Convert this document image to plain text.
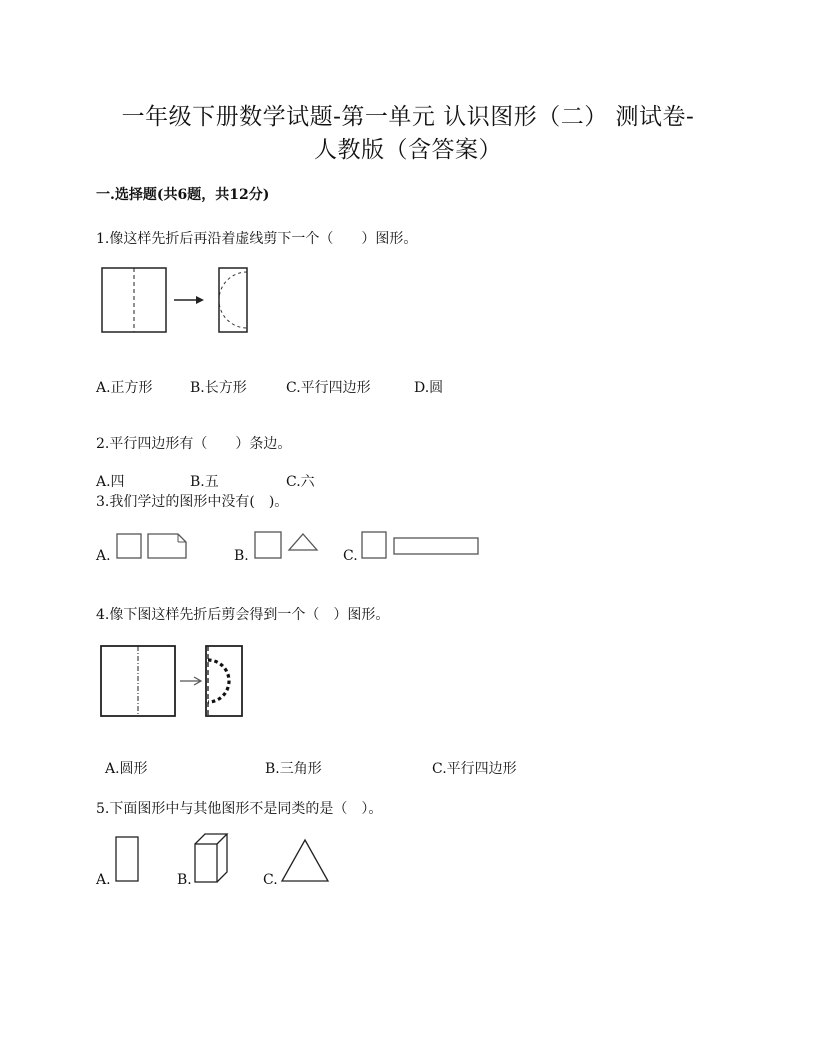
一年级下册数学试题-第一单元 认识图形（二） 测试卷-
人教版（含答案）
一.选择题(共6题，共12分)
1.像这样先折后再沿着虚线剪下一个（　　）图形。
A.正方形	B.长方形	C.平行四边形	D.圆
2.平行四边形有（　　）条边。
A.四	B.五	C.六
3.我们学过的图形中没有(　)。
A.	B.	C.
4.像下图这样先折后剪会得到一个（　）图形。
A.圆形	B.三角形	C.平行四边形
5.下面图形中与其他图形不是同类的是（　）。
A.	B.	C.
